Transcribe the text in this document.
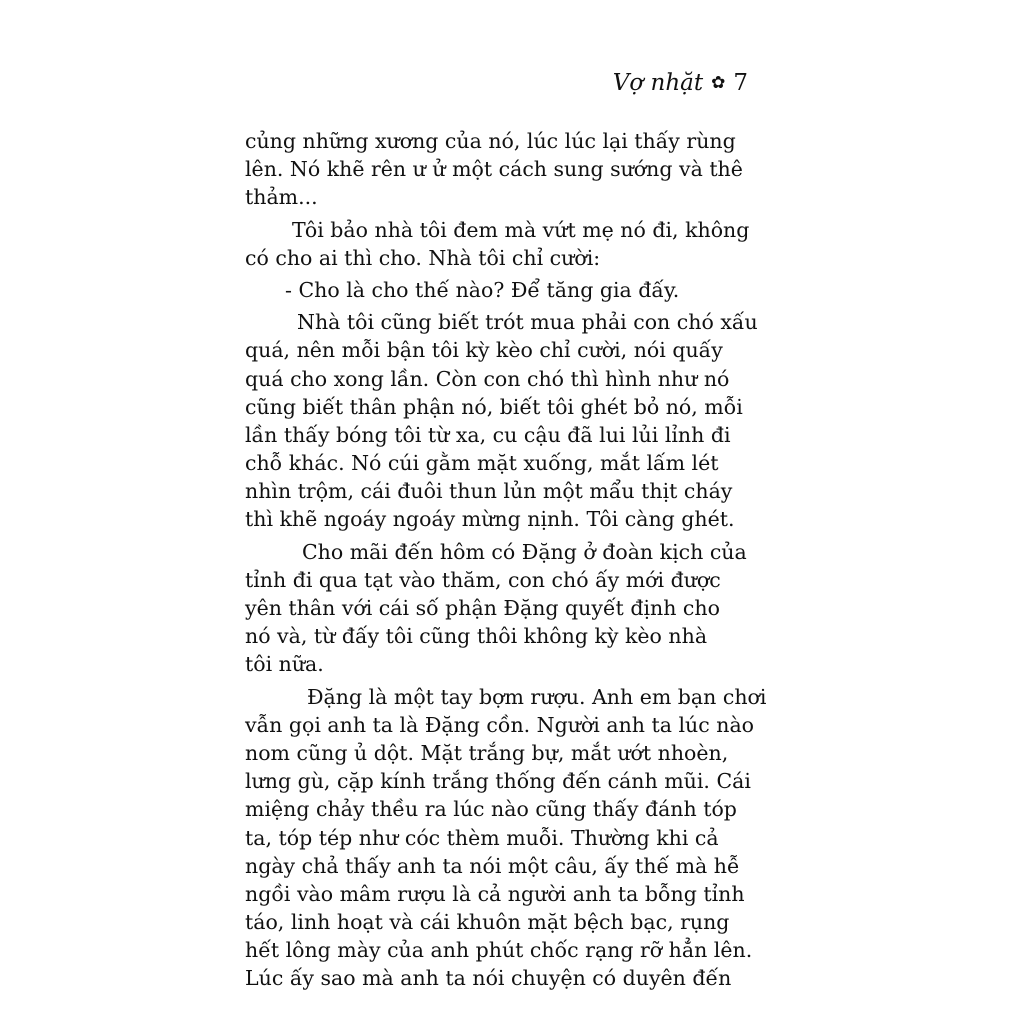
Vợ nhặt ✿ 7
củng những xương của nó, lúc lúc lại thấy rùng
lên. Nó khẽ rên ư ử một cách sung sướng và thê
thảm...
Tôi bảo nhà tôi đem mà vứt mẹ nó đi, không
có cho ai thì cho. Nhà tôi chỉ cười:
- Cho là cho thế nào? Để tăng gia đấy.
Nhà tôi cũng biết trót mua phải con chó xấu
quá, nên mỗi bận tôi kỳ kèo chỉ cười, nói quấy
quá cho xong lần. Còn con chó thì hình như nó
cũng biết thân phận nó, biết tôi ghét bỏ nó, mỗi
lần thấy bóng tôi từ xa, cu cậu đã lui lủi lỉnh đi
chỗ khác. Nó cúi gằm mặt xuống, mắt lấm lét
nhìn trộm, cái đuôi thun lủn một mẩu thịt cháy
thì khẽ ngoáy ngoáy mừng nịnh. Tôi càng ghét.
Cho mãi đến hôm có Đặng ở đoàn kịch của
tỉnh đi qua tạt vào thăm, con chó ấy mới được
yên thân với cái số phận Đặng quyết định cho
nó và, từ đấy tôi cũng thôi không kỳ kèo nhà
tôi nữa.
Đặng là một tay bợm rượu. Anh em bạn chơi
vẫn gọi anh ta là Đặng cồn. Người anh ta lúc nào
nom cũng ủ dột. Mặt trắng bự, mắt ướt nhoèn,
lưng gù, cặp kính trắng thống đến cánh mũi. Cái
miệng chảy thều ra lúc nào cũng thấy đánh tóp
ta, tóp tép như cóc thèm muỗi. Thường khi cả
ngày chả thấy anh ta nói một câu, ấy thế mà hễ
ngồi vào mâm rượu là cả người anh ta bỗng tỉnh
táo, linh hoạt và cái khuôn mặt bệch bạc, rụng
hết lông mày của anh phút chốc rạng rỡ hẳn lên.
Lúc ấy sao mà anh ta nói chuyện có duyên đến
